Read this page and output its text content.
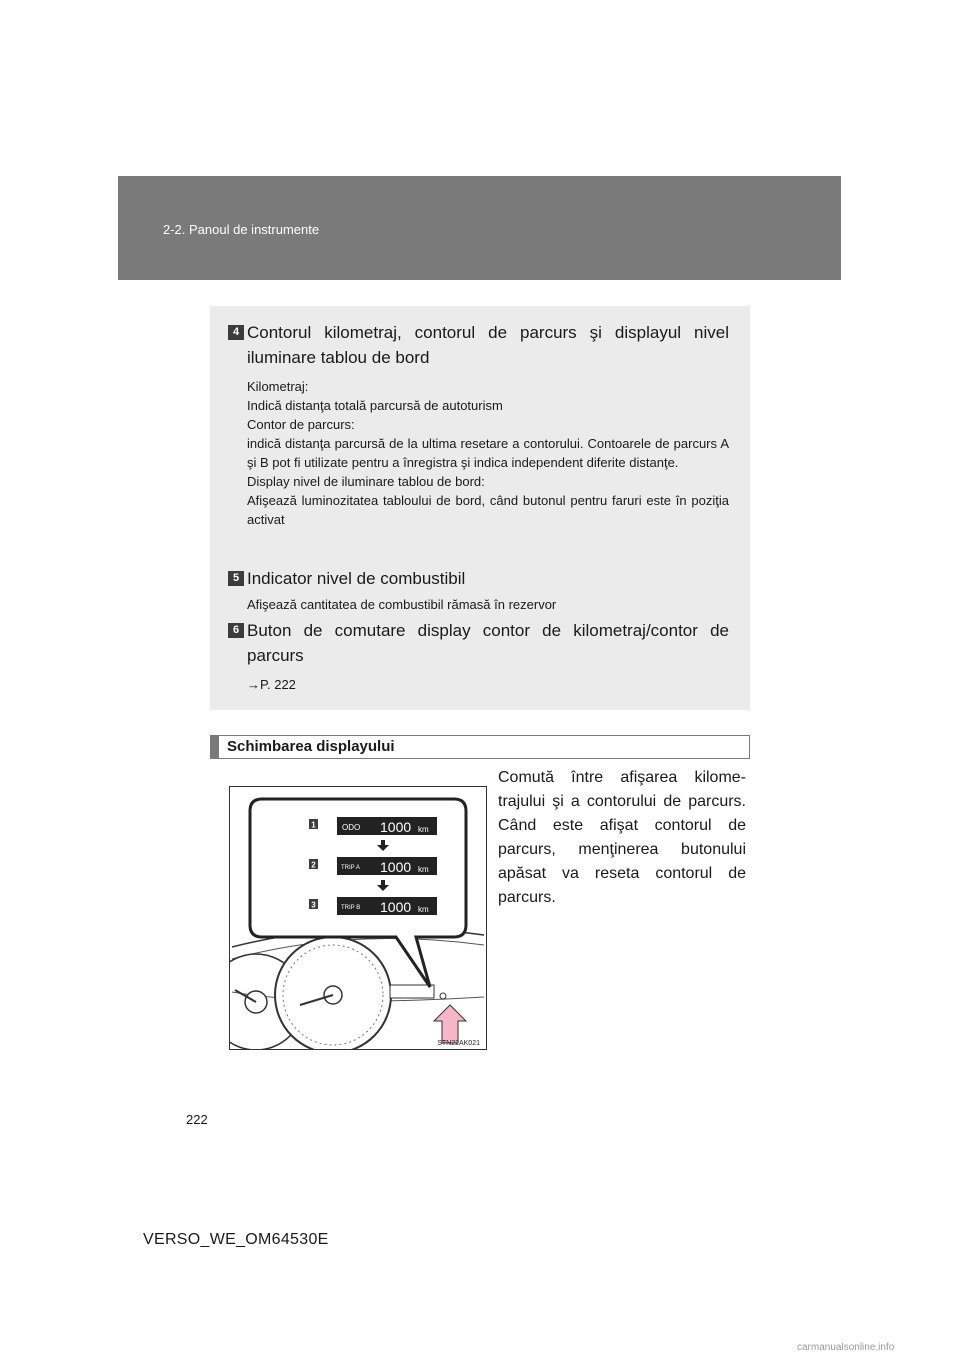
2-2. Panoul de instrumente
4 Contorul kilometraj, contorul de parcurs şi displayul nivel iluminare tablou de bord

Kilometraj:

Indică distanţa totală parcursă de autoturism

Contor de parcurs:

indică distanţa parcursă de la ultima resetare a contorului. Contoarele de parcurs A şi B pot fi utilizate pentru a înregistra şi indica independent diferite distanţe.

Display nivel de iluminare tablou de bord:

Afişează luminozitatea tabloului de bord, când butonul pentru faruri este în poziţia activat

5 Indicator nivel de combustibil

Afişează cantitatea de combustibil rămasă în rezervor

6 Buton de comutare display contor de kilometraj/contor de parcurs

→P. 222

Schimbarea displayului
Comută între afişarea kilome-trajului şi a contorului de parcurs. Când este afişat contorul de parcurs, menţinerea butonului apăsat va reseta contorul de parcurs.
1	ODO 1000 km
2	TRIP A 1000 km
3	TRIP B 1000 km
STN22AK021
222
VERSO_WE_OM64530E
carmanualsonline.info
